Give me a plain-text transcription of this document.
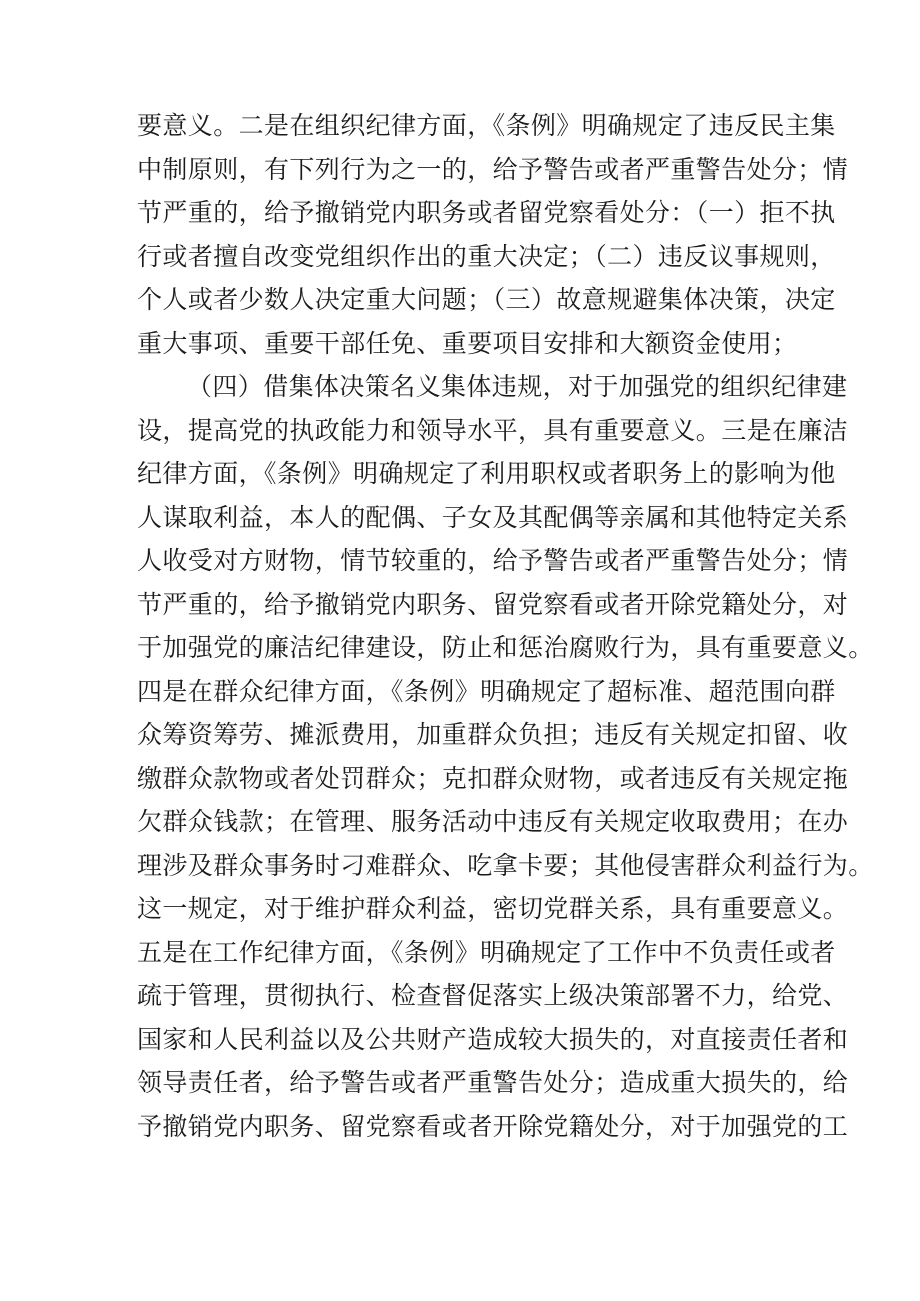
要意义。二是在组织纪律方面，《条例》明确规定了违反民主集
中制原则，有下列行为之一的，给予警告或者严重警告处分；情
节严重的，给予撤销党内职务或者留党察看处分：（一）拒不执
行或者擅自改变党组织作出的重大决定；（二）违反议事规则，
个人或者少数人决定重大问题；（三）故意规避集体决策，决定
重大事项、重要干部任免、重要项目安排和大额资金使用；
（四）借集体决策名义集体违规，对于加强党的组织纪律建
设，提高党的执政能力和领导水平，具有重要意义。三是在廉洁
纪律方面，《条例》明确规定了利用职权或者职务上的影响为他
人谋取利益，本人的配偶、子女及其配偶等亲属和其他特定关系
人收受对方财物，情节较重的，给予警告或者严重警告处分；情
节严重的，给予撤销党内职务、留党察看或者开除党籍处分，对
于加强党的廉洁纪律建设，防止和惩治腐败行为，具有重要意义。
四是在群众纪律方面，《条例》明确规定了超标准、超范围向群
众筹资筹劳、摊派费用，加重群众负担；违反有关规定扣留、收
缴群众款物或者处罚群众；克扣群众财物，或者违反有关规定拖
欠群众钱款；在管理、服务活动中违反有关规定收取费用；在办
理涉及群众事务时刁难群众、吃拿卡要；其他侵害群众利益行为。
这一规定，对于维护群众利益，密切党群关系，具有重要意义。
五是在工作纪律方面，《条例》明确规定了工作中不负责任或者
疏于管理，贯彻执行、检查督促落实上级决策部署不力，给党、
国家和人民利益以及公共财产造成较大损失的，对直接责任者和
领导责任者，给予警告或者严重警告处分；造成重大损失的，给
予撤销党内职务、留党察看或者开除党籍处分，对于加强党的工
